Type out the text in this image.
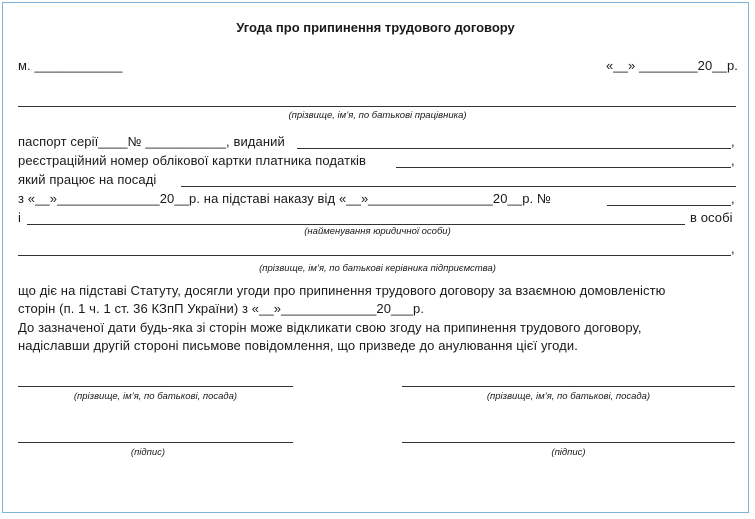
Угода про припинення трудового договору
м. ____________	«__» ________20__р.
(прізвище, ім’я, по батькові працівника)
паспорт серії____№ ___________, виданий	,
реєстраційний номер облікової картки платника податків	,
який працює на посаді
з «__»______________20__р. на підставі наказу від «__»_________________20__р. №	,
і	в особі
(найменування юридичної особи)
,
(прізвище, ім’я, по батькові керівника підприємства)
що діє на підставі Статуту, досягли угоди про припинення трудового договору за взаємною домовленістю
сторін (п. 1 ч. 1 ст. 36 КЗпП України) з «__»_____________20___р.
До зазначеної дати будь-яка зі сторін може відкликати свою згоду на припинення трудового договору,
надіславши другій стороні письмове повідомлення, що призведе до анулювання цієї угоди.
(прізвище, ім’я, по батькові, посада)	(прізвище, ім’я, по батькові, посада)
(підпис)	(підпис)
